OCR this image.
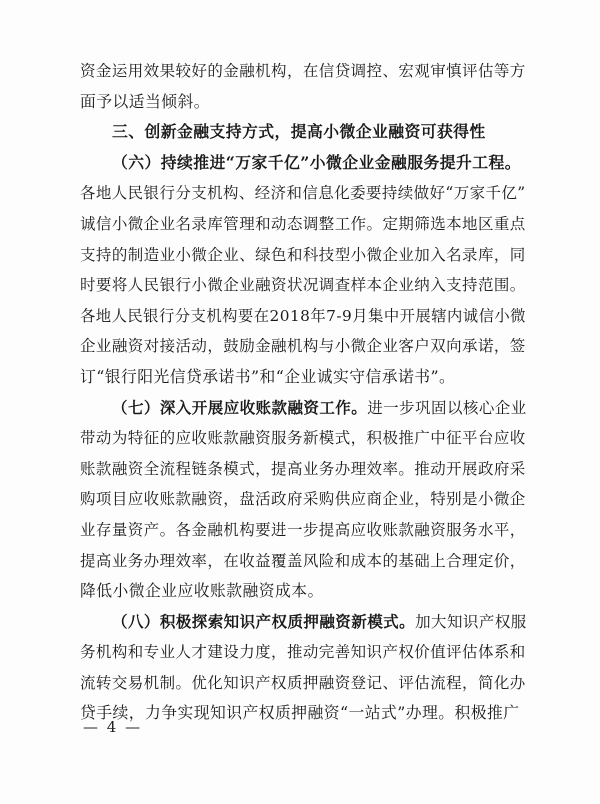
资金运用效果较好的金融机构，在信贷调控、宏观审慎评估等方
面予以适当倾斜。
三、创新金融支持方式，提高小微企业融资可获得性
（六）持续推进“万家千亿”小微企业金融服务提升工程。
各地人民银行分支机构、经济和信息化委要持续做好“万家千亿”
诚信小微企业名录库管理和动态调整工作。定期筛选本地区重点
支持的制造业小微企业、绿色和科技型小微企业加入名录库，同
时要将人民银行小微企业融资状况调查样本企业纳入支持范围。
各地人民银行分支机构要在2018年7-9月集中开展辖内诚信小微
企业融资对接活动，鼓励金融机构与小微企业客户双向承诺，签
订“银行阳光信贷承诺书”和“企业诚实守信承诺书”。
（七）深入开展应收账款融资工作。进一步巩固以核心企业
带动为特征的应收账款融资服务新模式，积极推广中征平台应收
账款融资全流程链条模式，提高业务办理效率。推动开展政府采
购项目应收账款融资，盘活政府采购供应商企业，特别是小微企
业存量资产。各金融机构要进一步提高应收账款融资服务水平，
提高业务办理效率，在收益覆盖风险和成本的基础上合理定价，
降低小微企业应收账款融资成本。
（八）积极探索知识产权质押融资新模式。加大知识产权服
务机构和专业人才建设力度，推动完善知识产权价值评估体系和
流转交易机制。优化知识产权质押融资登记、评估流程，简化办
贷手续，力争实现知识产权质押融资“一站式”办理。积极推广
— 4 —
